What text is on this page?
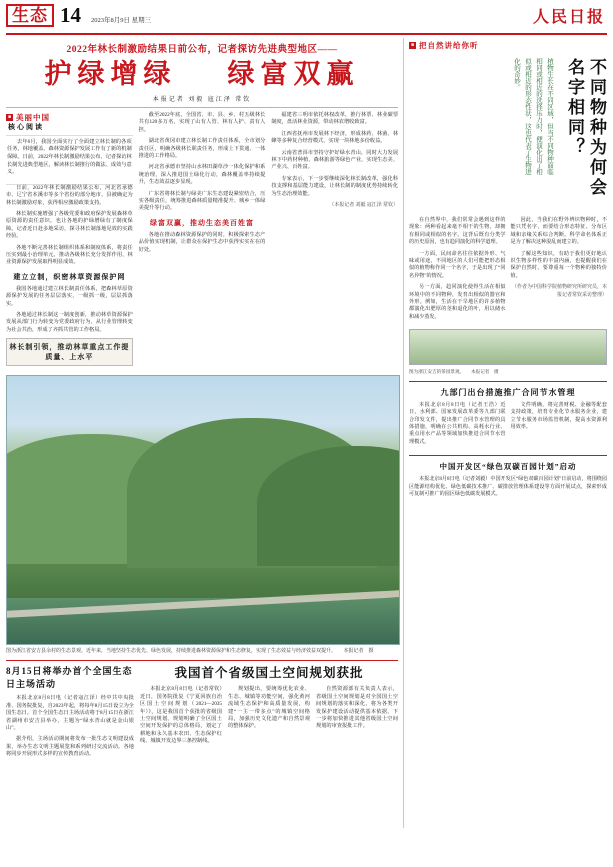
生态 14 2023年8月9日 星期三	人民日报
2022年林长制激励结果日前公布，记者探访先进典型地区——
护绿增绿 绿富双赢
本报记者 刘毅 寇江泽 常钦
■ 美丽中国
核心阅读

去年6月，我国全面实行了全面建立林长制的各项任务，林地覆盖、森林资源保护发展工作有了新的机制保障。日前，2022年林长制激励结果公布，记者探访林长制先进典型地区，解读林长制推行的做法、成效与意义。

日前，2022年林长制激励结果公布，河北省承德市、辽宁省本溪市等多个省份的部分地市、县被确定为林长制激励对象，获得相应激励政策支持。

林长制实施增强了各级党委和政府保护发展森林草原资源的责任意识，也让各地的护绿增绿有了制度保障。记者近日赴多地采访，探寻林长制落地见效的实践经验。

各地不断完善林长制组织体系和制度体系，将责任压实到最小治理单元，推动各级林长充分发挥作用，林业资源保护发展取得明显成效。

建立立制，织密林草资源保护网

我国各地通过建立林长制责任体系，把森林草原资源保护发展的任务层层落实，一级抓一级，层层抓落实。

各地通过林长制这一制度创新，推动林草资源保护发展从部门行为转变为党委政府行为，从行业管理转变为社会共治，形成了齐抓共管的工作格局。

林长制引领，推动林草重点工作提质量、上水平

截至2022年底，全国省、市、县、乡、村五级林长共有120多万名，实现了山有人管、林有人护、责有人担。

湖北省黄冈市建立林长制工作责任体系，全市划分责任区，明确各级林长职责任务，形成上下贯通、一体推进的工作格局。

河北省承德市坚持山水林田湖草沙一体化保护和系统治理，深入推进国土绿化行动，森林覆盖率持续提升，生态效益逐步显现。

广东省将林长制与绿美广东生态建设紧密结合，压实各级责任，统筹推进森林质量精准提升、城乡一体绿美提升等行动。

绿富双赢，推动生态美百姓富

各地在推动森林资源保护的同时，积极探索生态产品价值实现机制，让群众在保护生态中获得实实在在的好处。

福建省三明市依托林权改革，推行林票、林业碳票制度，盘活林业资源，带动林农增收致富。

江西省抚州市发展林下经济，形成林药、林菌、林蜂等多种复合经营模式，实现一块林地多份收益。

云南省普洱市坚持守护好绿水青山，同时大力发展林下中药材种植、森林旅游等绿色产业，实现生态美、产业兴、百姓富。

专家表示，下一步要继续深化林长制改革，强化科技支撑和基层能力建设，让林长制的制度优势持续转化为生态治理效能。

（本报记者 刘毅 寇江泽 常钦）
图为浙江省安吉县余村的生态景观。近年来，当地坚持生态优先、绿色发展，持续推进森林资源保护和生态修复，实现了生态效益与经济效益双提升。　　本报记者　摄
8月15日将举办首个全国生态日主场活动

本报北京8月8日电（记者寇江泽）经中共中央批准、国务院批复，自2023年起，将每年8月15日设立为全国生态日。首个全国生态日主场活动将于8月15日在浙江省湖州市安吉县举办，主题为“绿水青山就是金山银山”。

据介绍，主场活动期间将发布一批生态文明建设成果，举办生态文明主题展览和系列研讨交流活动。各地将同步开展形式多样的宣传教育活动。

我国首个省级国土空间规划获批

本报北京8月8日电（记者常钦）近日，国务院批复《宁夏回族自治区国土空间规划（2021—2035年）》，这是我国首个获批的省级国土空间规划。规划明确了全区国土空间开发保护的总体格局，划定了耕地和永久基本农田、生态保护红线、城镇开发边界三条控制线。

规划提出，要统筹优化农业、生态、城镇等功能空间，强化黄河流域生态保护和高质量发展，构建“一主一带多点”的城镇空间格局，加强历史文化遗产和自然景观的整体保护。

自然资源部有关负责人表示，省级国土空间规划是对全国国土空间规划的落实和深化，将为各类开发保护建设活动提供基本依据，下一步将加快推进其他省级国土空间规划的审查报批工作。

■ 把自然讲给你听
植物生长在不同区域，但当不同物种面临相同或相近的选择压力时，便演化出了相似或相近的形态性状，这也代表了生物进化的奇妙。	不同物种为何会名字相同？

在自然界中，我们常常会遇到这样的现象：两种看起来毫不相干的生物，却拥有相同或相似的名字。这背后既有分类学的历史原因，也有趋同演化的科学道理。

一方面，民间命名往往依据外形、气味或用途，不同地区的人们可能把形态相似的植物称作同一个名字，于是出现了“同名异物”的情况。

另一方面，趋同演化使得生活在相似环境中的不同物种，发育出相似的器官和外形。例如，生活在干旱地区的许多植物都演化出肥厚的茎和退化的叶，用以储水和减少蒸发。

因此，当我们在野外辨识物种时，不能只凭名字，而要结合形态特征、分布区域和亲缘关系综合判断。科学命名体系正是为了解决这种混乱而建立的。

了解这些知识，有助于我们更好地认识生物多样性的丰富内涵，也提醒我们在保护自然时，要尊重每一个物种的独特价值。

（作者为中国科学院植物研究所研究员，本报记者常钦采访整理）
图为浙江安吉的茶园景观。　　本报记者　摄
九部门出台措施推广合同节水管理

本报北京8月8日电（记者王浩）近日，水利部、国家发展改革委等九部门联合印发文件，提出推广合同节水管理的具体措施，明确在公共机构、高耗水行业、重点用水产品等领域加快推进合同节水管理模式。

文件明确，将完善财税、金融等配套支持政策，培育专业化节水服务企业，建立节水服务市场监管机制，提高水资源利用效率。

中国开发区“绿色双碳百园计划”启动

本报北京8月8日电（记者刘毅）中国开发区“绿色双碳百园计划”日前启动，将围绕园区能源结构优化、绿色低碳技术推广、碳排放管理体系建设等方面开展试点，探索形成可复制可推广的园区绿色低碳发展模式。
